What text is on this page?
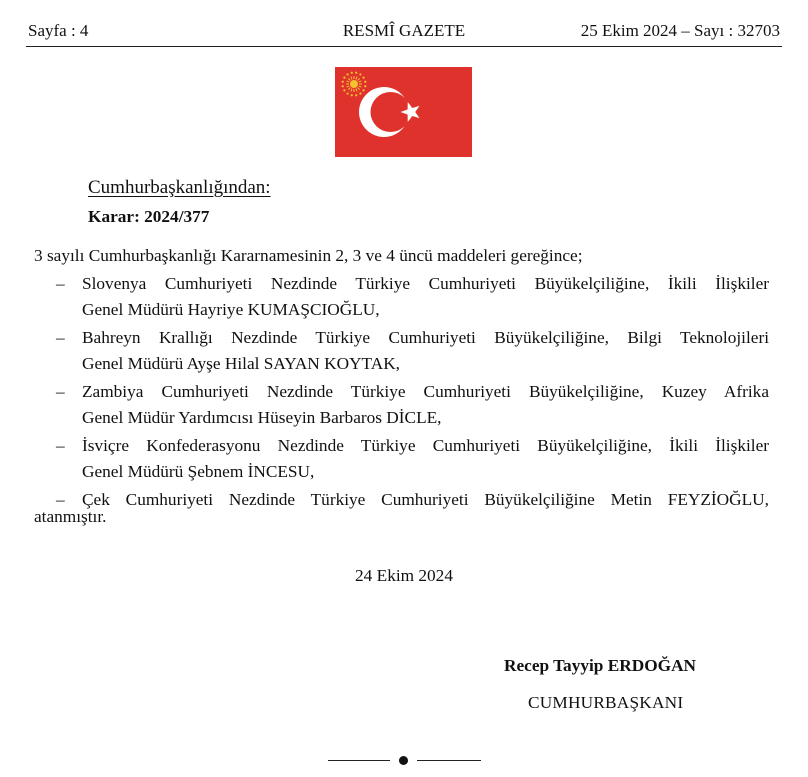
Sayfa : 4	RESMÎ GAZETE	25 Ekim 2024 – Sayı : 32703
Cumhurbaşkanlığından:
Karar: 2024/377
3 sayılı Cumhurbaşkanlığı Kararnamesinin 2, 3 ve 4 üncü maddeleri gereğince;
– Slovenya Cumhuriyeti Nezdinde Türkiye Cumhuriyeti Büyükelçiliğine, İkili İlişkiler
Genel Müdürü Hayriye KUMAŞCIOĞLU,
– Bahreyn Krallığı Nezdinde Türkiye Cumhuriyeti Büyükelçiliğine, Bilgi Teknolojileri
Genel Müdürü Ayşe Hilal SAYAN KOYTAK,
– Zambiya Cumhuriyeti Nezdinde Türkiye Cumhuriyeti Büyükelçiliğine, Kuzey Afrika
Genel Müdür Yardımcısı Hüseyin Barbaros DİCLE,
– İsviçre Konfederasyonu Nezdinde Türkiye Cumhuriyeti Büyükelçiliğine, İkili İlişkiler
Genel Müdürü Şebnem İNCESU,
– Çek Cumhuriyeti Nezdinde Türkiye Cumhuriyeti Büyükelçiliğine Metin FEYZİOĞLU,
atanmıştır.
24 Ekim 2024
Recep Tayyip ERDOĞAN
CUMHURBAŞKANI
